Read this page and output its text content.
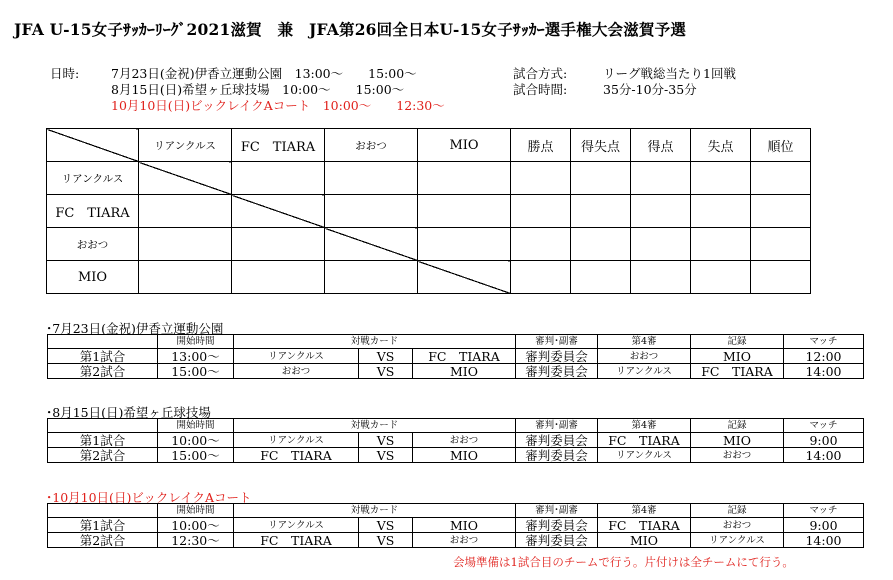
JFA U-15女子ｻｯｶｰﾘｰｸﾞ2021滋賀　兼　JFA第26回全日本U-15女子ｻｯｶｰ選手権大会滋賀予選
日時:	7月23日(金祝)伊香立運動公園　13:00～　　15:00～
8月15日(日)希望ヶ丘球技場　10:00～　　15:00～
10月10日(日)ビックレイクAコート　10:00～　　12:30～
試合方式:	リーグ戦総当たり1回戦
試合時間:	35分-10分-35分
	リアンクルス	FC　TIARA	おおつ	MIO	勝点	得失点	得点	失点	順位
リアンクルス									
FC　TIARA									
おおつ									
MIO									
･7月23日(金祝)伊香立運動公園
	開始時間	対戦カード			審判･副審	第4審	記録	マッチ
第1試合	13:00～	リアンクルス	VS	FC　TIARA	審判委員会	おおつ	MIO	12:00
第2試合	15:00～	おおつ	VS	MIO	審判委員会	リアンクルス	FC　TIARA	14:00
･8月15日(日)希望ヶ丘球技場
	開始時間	対戦カード			審判･副審	第4審	記録	マッチ
第1試合	10:00～	リアンクルス	VS	おおつ	審判委員会	FC　TIARA	MIO	9:00
第2試合	15:00～	FC　TIARA	VS	MIO	審判委員会	リアンクルス	おおつ	14:00
･10月10日(日)ビックレイクAコート
	開始時間	対戦カード			審判･副審	第4審	記録	マッチ
第1試合	10:00～	リアンクルス	VS	MIO	審判委員会	FC　TIARA	おおつ	9:00
第2試合	12:30～	FC　TIARA	VS	おおつ	審判委員会	MIO	リアンクルス	14:00
会場準備は1試合目のチームで行う。片付けは全チームにて行う。
